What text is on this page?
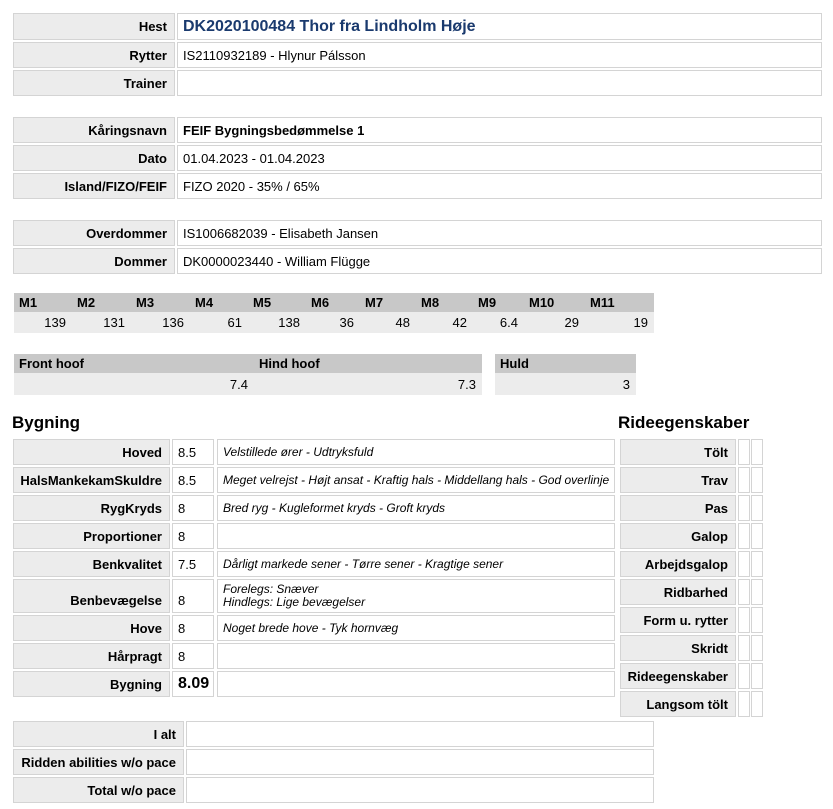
Hest	DK2020100484 Thor fra Lindholm Høje
Rytter	IS2110932189 - Hlynur Pálsson
Trainer
Kåringsnavn	FEIF Bygningsbedømmelse 1
Dato	01.04.2023 - 01.04.2023
Island/FIZO/FEIF	FIZO 2020 - 35% / 65%
Overdommer	IS1006682039 - Elisabeth Jansen
Dommer	DK0000023440 - William Flügge
M1	M2	M3	M4	M5	M6	M7	M8	M9	M10	M11
139	131	136	61	138	36	48	42	6.4	29	19
Front hoof	Hind hoof
7.4	7.3
Huld
3
Bygning	Rideegenskaber
Hoved	8.5	Velstillede ører - Udtryksfuld
HalsMankekamSkuldre	8.5	Meget velrejst - Højt ansat - Kraftig hals - Middellang hals - God overlinje
RygKryds	8	Bred ryg - Kugleformet kryds - Groft kryds
Proportioner	8
Benkvalitet	7.5	Dårligt markede sener - Tørre sener - Kragtige sener
Benbevægelse	8
Forelegs: Snæver
Hindlegs: Lige bevægelser
Hove	8	Noget brede hove - Tyk hornvæg
Hårpragt	8
Bygning	8.09
Tölt
Trav
Pas
Galop
Arbejdsgalop
Ridbarhed
Form u. rytter
Skridt
Rideegenskaber
Langsom tölt
I alt
Ridden abilities w/o pace
Total w/o pace
